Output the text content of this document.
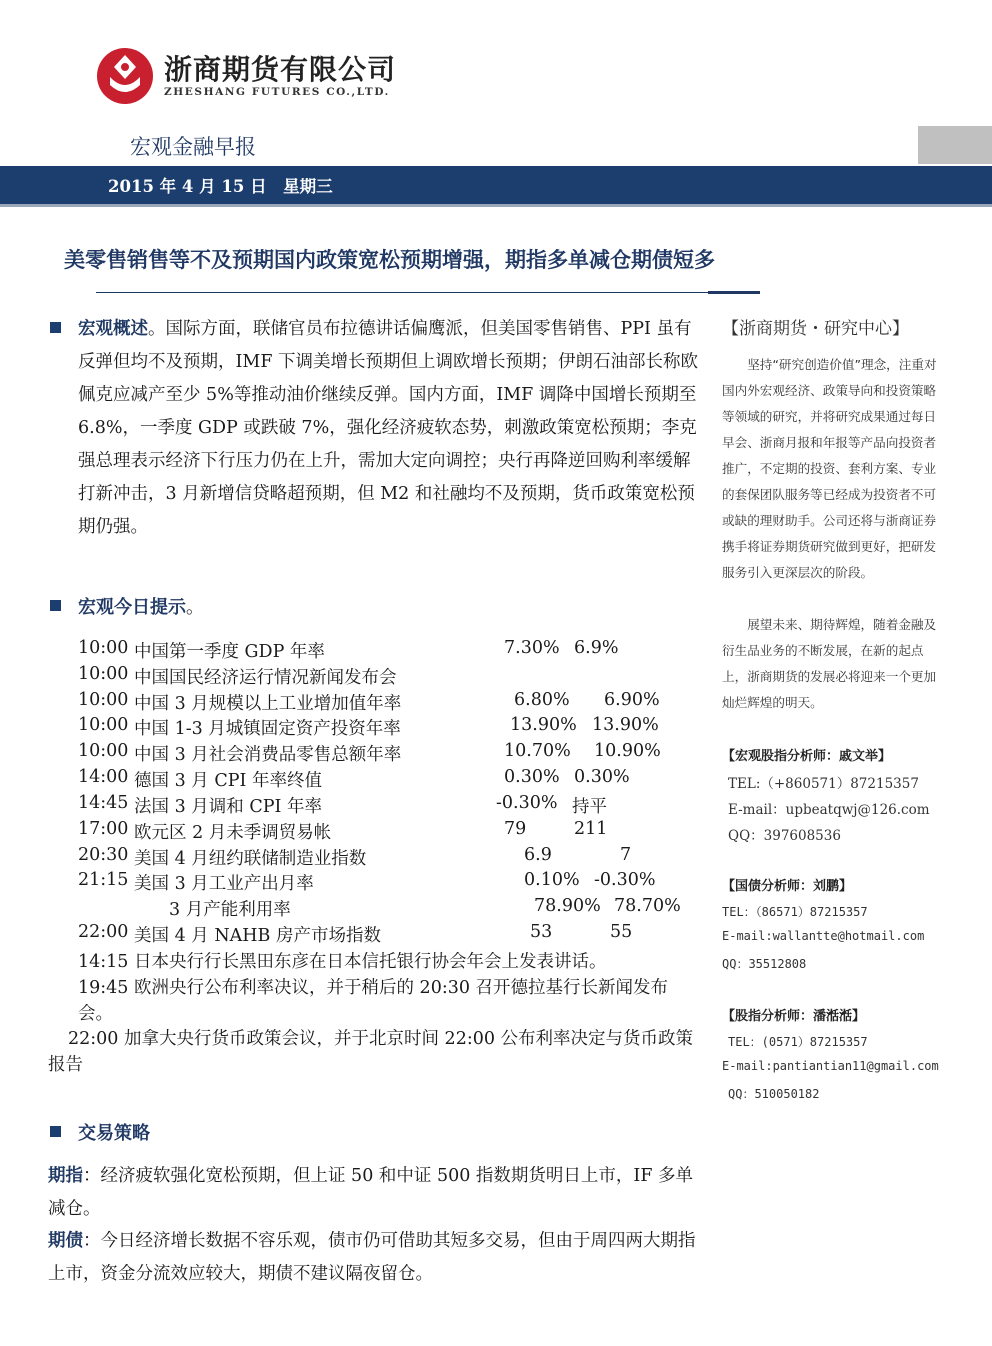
浙商期货有限公司
ZHESHANG FUTURES CO.,LTD.
宏观金融早报
2015 年 4 月 15 日　星期三
美零售销售等不及预期国内政策宽松预期增强，期指多单减仓期债短多
【浙商期货・研究中心】

坚持“研究创造价值”理念，注重对国内外宏观经济、政策导向和投资策略等领域的研究，并将研究成果通过每日早会、浙商月报和年报等产品向投资者推广，不定期的投资、套利方案、专业的套保团队服务等已经成为投资者不可或缺的理财助手。公司还将与浙商证券携手将证券期货研究做到更好，把研发服务引入更深层次的阶段。

展望未来、期待辉煌，随着金融及衍生品业务的不断发展，在新的起点上，浙商期货的发展必将迎来一个更加灿烂辉煌的明天。

【宏观股指分析师：戚文举】
TEL:（+860571）87215357
E-mail：upbeatqwj@126.com
QQ：397608536
【国债分析师：刘鹏】
TEL：（86571）87215357
E-mail:wallantte@hotmail.com
QQ：35512808
【股指分析师：潘湉湉】
TEL：(0571）87215357
E-mail:pantiantian11@gmail.com
QQ：510050182

宏观概述。国际方面，联储官员布拉德讲话偏鹰派，但美国零售销售、PPI 虽有反弹但均不及预期，IMF 下调美增长预期但上调欧增长预期；伊朗石油部长称欧佩克应减产至少 5%等推动油价继续反弹。国内方面，IMF 调降中国增长预期至 6.8%，一季度 GDP 或跌破 7%，强化经济疲软态势，刺激政策宽松预期；李克强总理表示经济下行压力仍在上升，需加大定向调控；央行再降逆回购利率缓解打新冲击，3 月新增信贷略超预期，但 M2 和社融均不及预期，货币政策宽松预期仍强。

宏观今日提示。
10:00 中国第一季度 GDP 年率	7.30% 6.9%
10:00 中国国民经济运行情况新闻发布会
10:00 中国 3 月规模以上工业增加值年率	6.80% 6.90%
10:00 中国 1-3 月城镇固定资产投资年率	13.90% 13.90%
10:00 中国 3 月社会消费品零售总额年率	10.70% 10.90%
14:00 德国 3 月 CPI 年率终值	0.30% 0.30%
14:45 法国 3 月调和 CPI 年率	-0.30% 持平
17:00 欧元区 2 月未季调贸易帐	79	211
20:30 美国 4 月纽约联储制造业指数	6.9	7
21:15 美国 3 月工业产出月率	0.10% -0.30%
　　3 月产能利用率	78.90% 78.70%
22:00 美国 4 月 NAHB 房产市场指数	53	55

14:15 日本央行行长黑田东彦在日本信托银行协会年会上发表讲话。

19:45 欧洲央行公布利率决议，并于稍后的 20:30 召开德拉基行长新闻发布会。

22:00 加拿大央行货币政策会议，并于北京时间 22:00 公布利率决定与货币政策报告

交易策略

期指：经济疲软强化宽松预期，但上证 50 和中证 500 指数期货明日上市，IF 多单减仓。

期债：今日经济增长数据不容乐观，债市仍可借助其短多交易，但由于周四两大期指上市，资金分流效应较大，期债不建议隔夜留仓。
